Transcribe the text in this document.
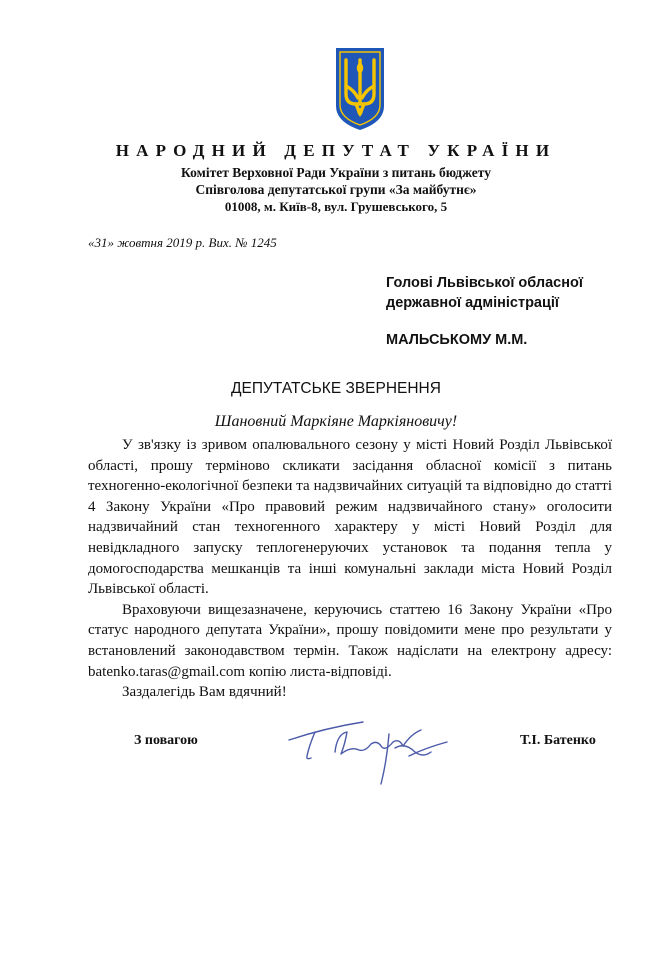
НАРОДНИЙ ДЕПУТАТ УКРАЇНИ
Комітет Верховної Ради України з питань бюджету
Співголова депутатської групи «За майбутнє»
01008, м. Київ-8, вул. Грушевського, 5
«31» жовтня 2019 р. Вих. № 1245
Голові Львівської обласної
державної адміністрації
МАЛЬСЬКОМУ М.М.
ДЕПУТАТСЬКЕ ЗВЕРНЕННЯ
Шановний Маркіяне Маркіяновичу!

У зв'язку із зривом опалювального сезону у місті Новий Розділ Львівської області, прошу терміново скликати засідання обласної комісії з питань техногенно-екологічної безпеки та надзвичайних ситуацій та відповідно до статті 4 Закону України «Про правовий режим надзвичайного стану» оголосити надзвичайний стан техногенного характеру у місті Новий Розділ для невідкладного запуску теплогенеруючих установок та подання тепла у домогосподарства мешканців та інші комунальні заклади міста Новий Розділ Львівської області.

Враховуючи вищезазначене, керуючись статтею 16 Закону України «Про статус народного депутата України», прошу повідомити мене про результати у встановлений законодавством термін. Також надіслати на електрону адресу: batenko.taras@gmail.com копію листа-відповіді.

Заздалегідь Вам вдячний!

З повагою	Т.І. Батенко
